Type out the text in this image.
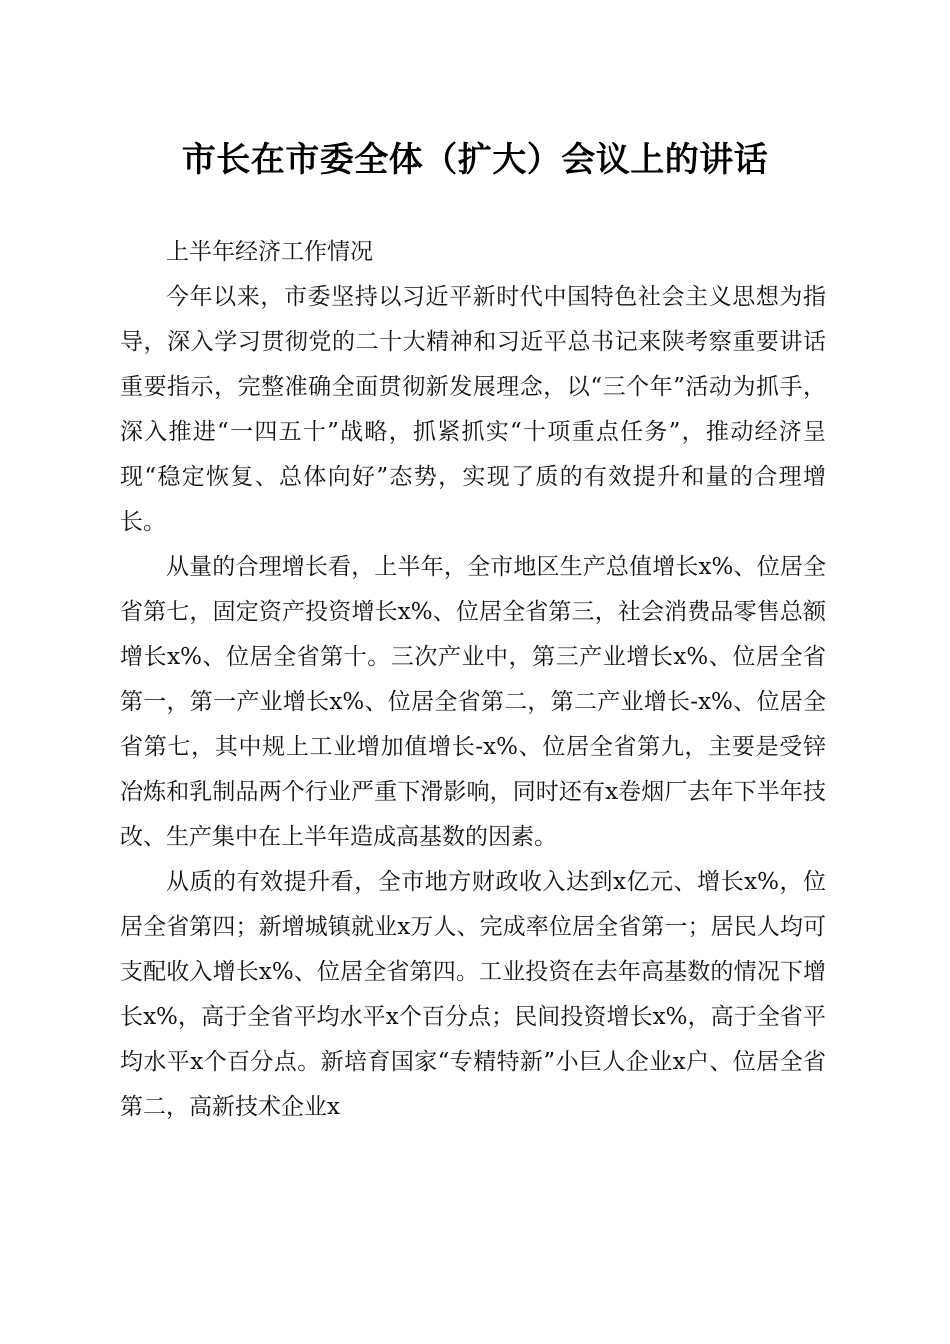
市长在市委全体（扩大）会议上的讲话

上半年经济工作情况

今年以来，市委坚持以习近平新时代中国特色社会主义思想为指导，深入学习贯彻党的二十大精神和习近平总书记来陕考察重要讲话重要指示，完整准确全面贯彻新发展理念，以“三个年”活动为抓手，深入推进“一四五十”战略，抓紧抓实“十项重点任务”，推动经济呈现“稳定恢复、总体向好”态势，实现了质的有效提升和量的合理增长。

从量的合理增长看，上半年，全市地区生产总值增长x%、位居全省第七，固定资产投资增长x%、位居全省第三，社会消费品零售总额增长x%、位居全省第十。三次产业中，第三产业增长x%、位居全省第一，第一产业增长x%、位居全省第二，第二产业增长-x%、位居全省第七，其中规上工业增加值增长-x%、位居全省第九，主要是受锌冶炼和乳制品两个行业严重下滑影响，同时还有x卷烟厂去年下半年技改、生产集中在上半年造成高基数的因素。

从质的有效提升看，全市地方财政收入达到x亿元、增长x%，位居全省第四；新增城镇就业x万人、完成率位居全省第一；居民人均可支配收入增长x%、位居全省第四。工业投资在去年高基数的情况下增长x%，高于全省平均水平x个百分点；民间投资增长x%，高于全省平均水平x个百分点。新培育国家“专精特新”小巨人企业x户、位居全省第二，高新技术企业x
